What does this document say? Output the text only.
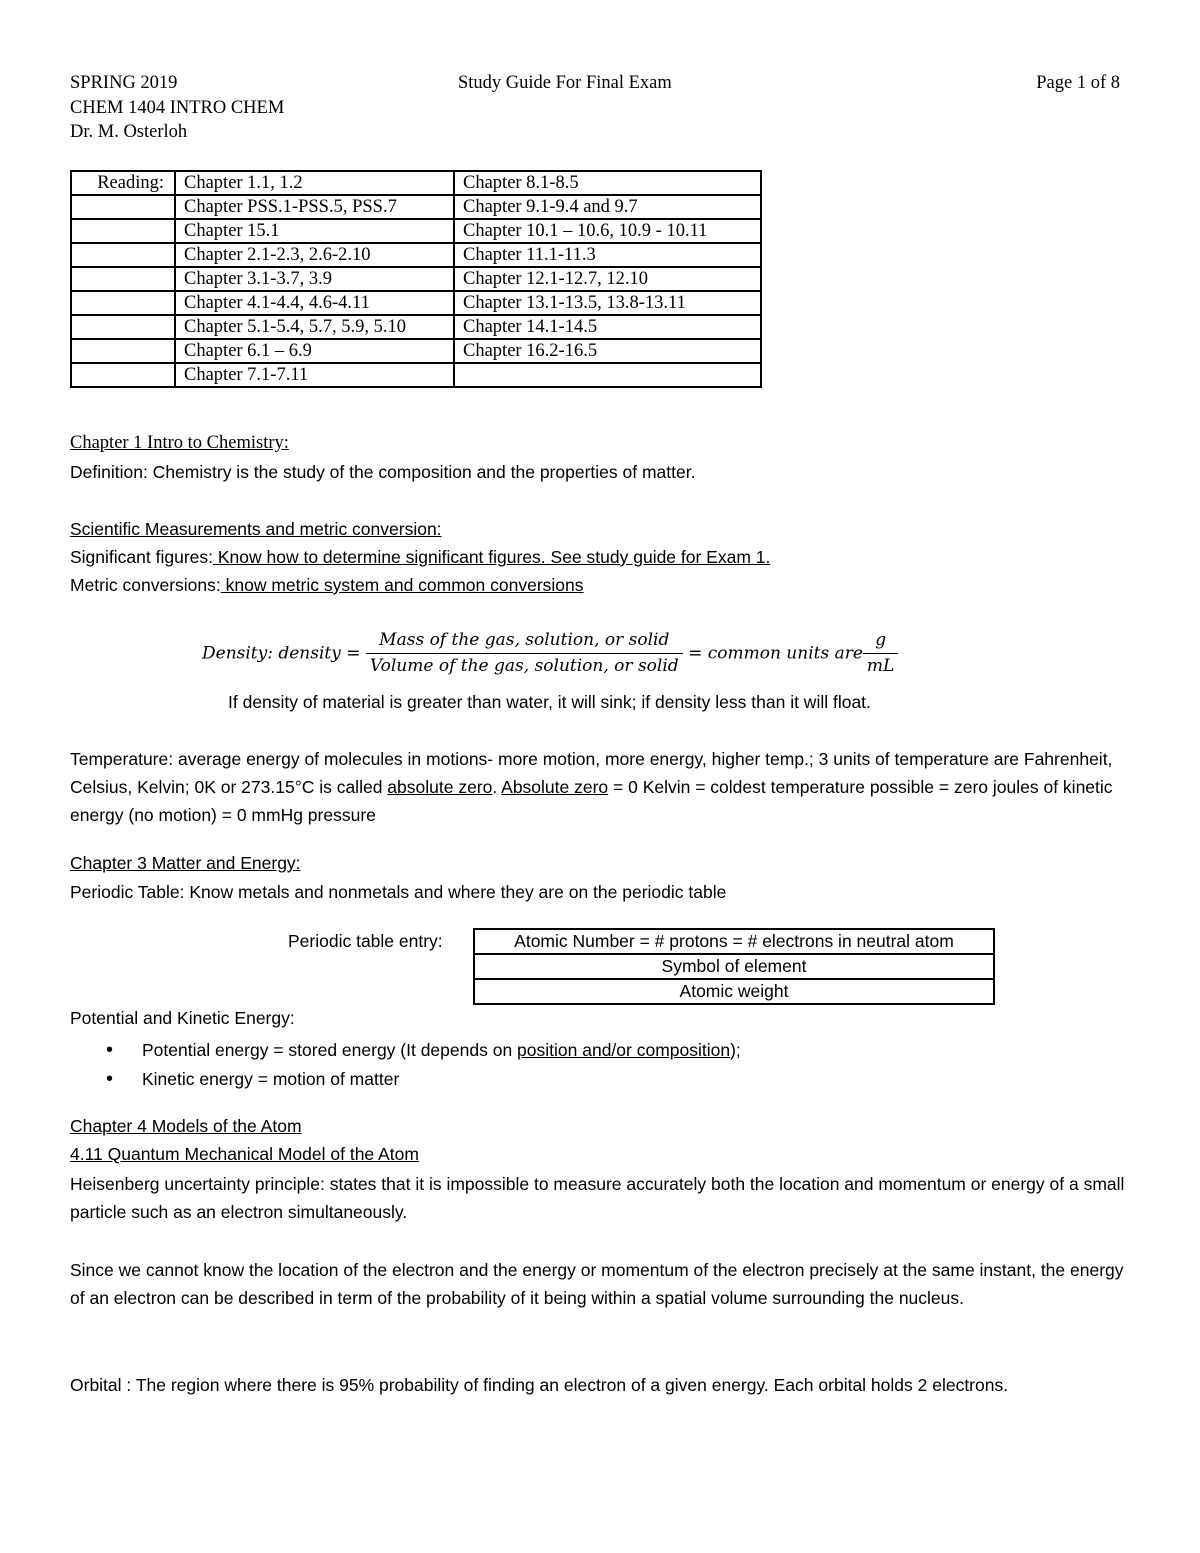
SPRING 2019
CHEM 1404 INTRO CHEM
Dr. M. Osterloh
Study Guide For Final Exam	Page 1 of 8
Reading:	Chapter 1.1, 1.2	Chapter 8.1-8.5
	Chapter PSS.1-PSS.5, PSS.7	Chapter 9.1-9.4 and 9.7
	Chapter 15.1	Chapter 10.1 – 10.6, 10.9 - 10.11
	Chapter 2.1-2.3, 2.6-2.10	Chapter 11.1-11.3
	Chapter 3.1-3.7, 3.9	Chapter 12.1-12.7, 12.10
	Chapter 4.1-4.4, 4.6-4.11	Chapter 13.1-13.5, 13.8-13.11
	Chapter 5.1-5.4, 5.7, 5.9, 5.10	Chapter 14.1-14.5
	Chapter 6.1 – 6.9	Chapter 16.2-16.5
	Chapter 7.1-7.11	
Chapter 1 Intro to Chemistry:
Definition: Chemistry is the study of the composition and the properties of matter.
Scientific Measurements and metric conversion:
Significant figures: Know how to determine significant figures. See study guide for Exam 1.
Metric conversions: know metric system and common conversions
Density: density = $\frac{\text{Mass of the gas, solution, or solid}}{\text{Volume of the gas, solution, or solid}}$ = common units are $\frac{g}{mL}$
If density of material is greater than water, it will sink; if density less than it will float.
Temperature: average energy of molecules in motions- more motion, more energy, higher temp.; 3 units of temperature are Fahrenheit, Celsius, Kelvin; 0K or 273.15°C is called absolute zero. Absolute zero = 0 Kelvin = coldest temperature possible = zero joules of kinetic energy (no motion) = 0 mmHg pressure
Chapter 3 Matter and Energy:
Periodic Table: Know metals and nonmetals and where they are on the periodic table
Periodic table entry:	Atomic Number = # protons = # electrons in neutral atom
Symbol of element
Atomic weight
Potential and Kinetic Energy:
• Potential energy = stored energy (It depends on position and/or composition);
• Kinetic energy = motion of matter
Chapter 4 Models of the Atom
4.11 Quantum Mechanical Model of the Atom
Heisenberg uncertainty principle: states that it is impossible to measure accurately both the location and momentum or energy of a small particle such as an electron simultaneously.
Since we cannot know the location of the electron and the energy or momentum of the electron precisely at the same instant, the energy of an electron can be described in term of the probability of it being within a spatial volume surrounding the nucleus.
Orbital : The region where there is 95% probability of finding an electron of a given energy. Each orbital holds 2 electrons.
